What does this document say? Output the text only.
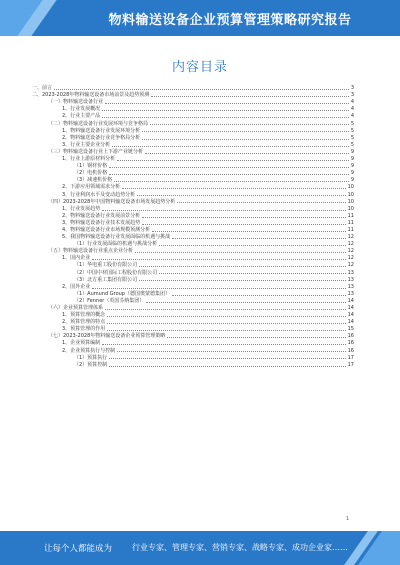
物料输送设备企业预算管理策略研究报告
内容目录
一、前言	3
二、2023-2028年物料输送设备市场前景及趋势预测	3
（一）物料输送设备行业	4
1、行业发展概况	4
2、行业主要产品	4
（二）物料输送设备行业发展环境与竞争格局	5
1、物料输送设备行业发展环境分析	5
2、物料输送设备行业竞争格局分析	5
3、行业主要企业分析	5
（三）物料输送设备行业上下游产业链分析	9
1、行业上游原材料分析	9
（1）钢材价格	9
（2）电机价格	9
（3）减速机价格	9
2、下游应用领域需求分析	10
3、行业利润水平及变动趋势分析	10
（四）2023-2028年中国物料输送设备市场发展趋势分析	10
1、行业发展趋势	10
2、物料输送设备行业发展前景分析	11
3、物料输送设备行业技术发展趋势	11
4、物料输送设备行业市场规模预测分析	11
5、我国物料输送设备行业发展面临的机遇与挑战	12
（1）行业发展面临的机遇与挑战分析	12
（五）物料输送设备行业重点企业分析	12
1、国内企业	12
（1）华电重工股份有限公司	12
（2）中国中材国际工程股份有限公司	13
（3）北方重工集团有限公司	13
2、国外企业	13
（1）Aumund Group（德国奥蒙德集团）	13
（2）Fenner（英国芬纳集团）	14
（六）企业预算管理体系	14
1、预算管理的概念	14
2、预算管理的特点	14
3、预算管理的作用	15
（七）2023-2028年物料输送设备企业预算管理策略	16
1、企业预算编制	16
2、企业预算执行与控制	16
（1）预算执行	17
（2）预算控制	17
1
让每个人都能成为 行业专家、管理专家、营销专家、战略专家、成功企业家……
